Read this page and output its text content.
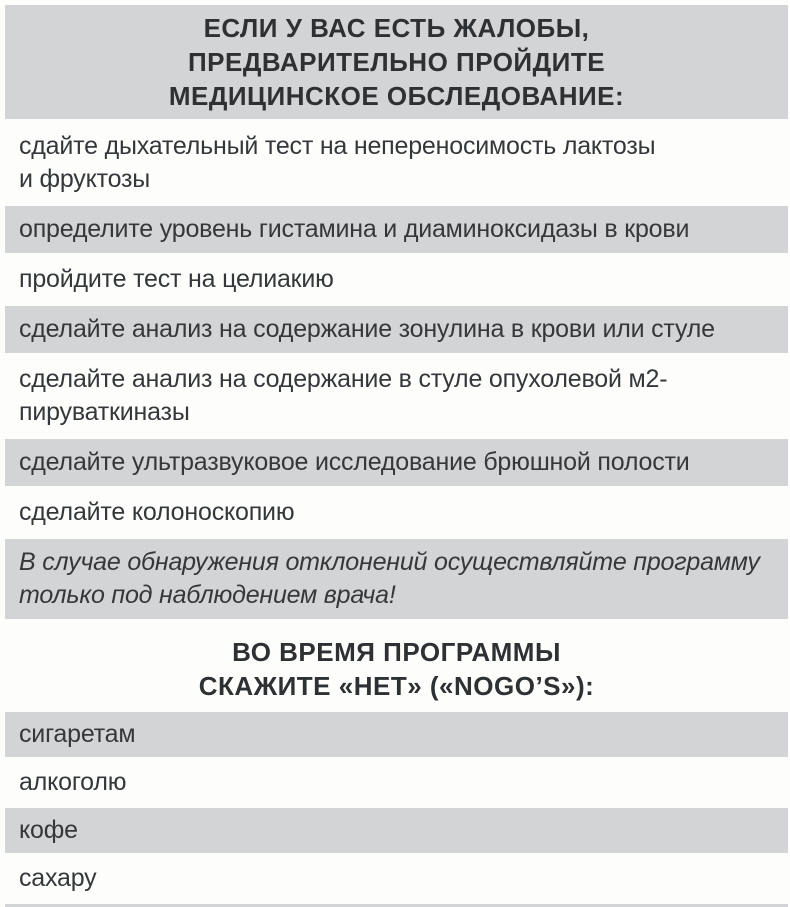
ЕСЛИ У ВАС ЕСТЬ ЖАЛОБЫ,
ПРЕДВАРИТЕЛЬНО ПРОЙДИТЕ
МЕДИЦИНСКОЕ ОБСЛЕДОВАНИЕ:
сдайте дыхательный тест на непереносимость лактозы
и фруктозы
определите уровень гистамина и диаминоксидазы в крови
пройдите тест на целиакию
сделайте анализ на содержание зонулина в крови или стуле
сделайте анализ на содержание в стуле опухолевой м2-
пируваткиназы
сделайте ультразвуковое исследование брюшной полости
сделайте колоноскопию
В случае обнаружения отклонений осуществляйте программу
только под наблюдением врача!
ВО ВРЕМЯ ПРОГРАММЫ
СКАЖИТЕ «НЕТ» («NOGO’S»):
сигаретам
алкоголю
кофе
сахару
